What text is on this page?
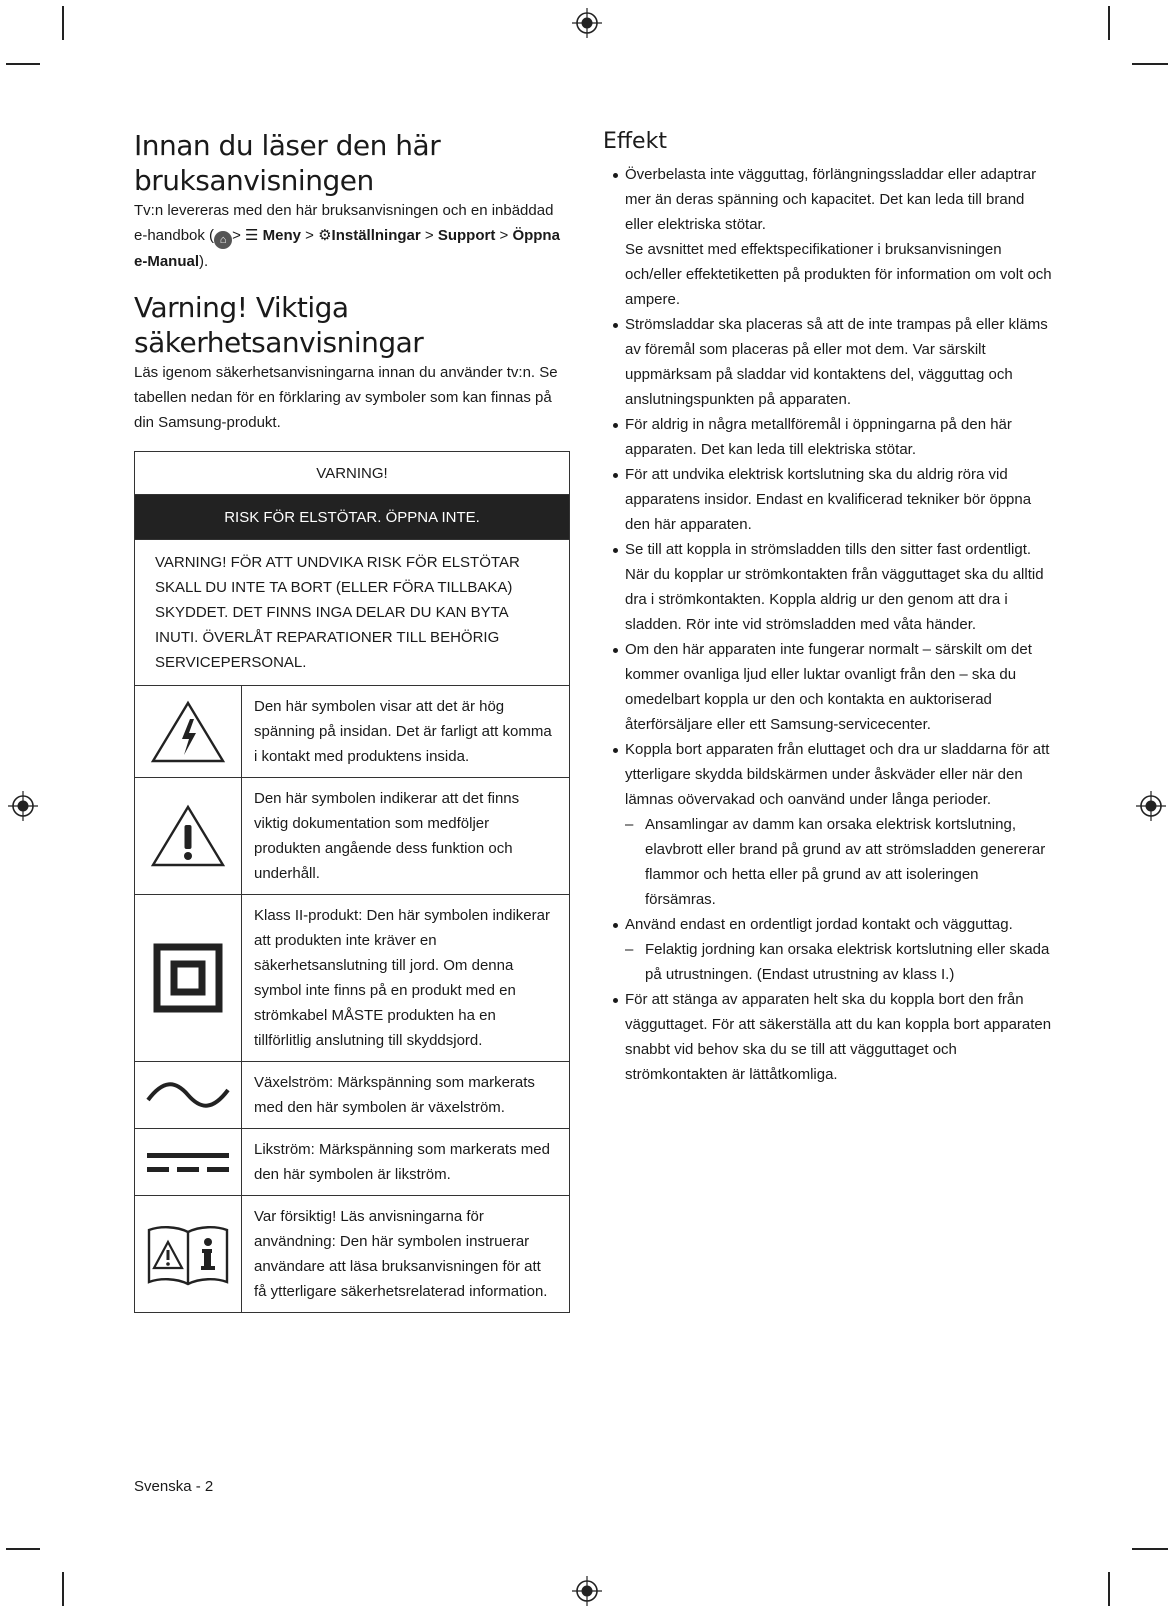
Innan du läser den här bruksanvisningen

Tv:n levereras med den här bruksanvisningen och en inbäddad e-handbok ( ⌂ > ☰ Meny > ⚙Inställningar > Support > Öppna e-Manual).

Varning! Viktiga säkerhetsanvisningar

Läs igenom säkerhetsanvisningarna innan du använder tv:n. Se tabellen nedan för en förklaring av symboler som kan finnas på din Samsung-produkt.

VARNING!	
RISK FÖR ELSTÖTAR. ÖPPNA INTE.	
VARNING! FÖR ATT UNDVIKA RISK FÖR ELSTÖTAR SKALL DU INTE TA BORT (ELLER FÖRA TILLBAKA) SKYDDET. DET FINNS INGA DELAR DU KAN BYTA INUTI. ÖVERLÅT REPARATIONER TILL BEHÖRIG SERVICEPERSONAL.	

	Den här symbolen visar att det är hög spänning på insidan. Det är farligt att komma i kontakt med produktens insida.

	Den här symbolen indikerar att det finns viktig dokumentation som medföljer produkten angående dess funktion och underhåll.

	Klass II-produkt: Den här symbolen indikerar att produkten inte kräver en säkerhetsanslutning till jord. Om denna symbol inte finns på en produkt med en strömkabel MÅSTE produkten ha en tillförlitlig anslutning till skyddsjord.

	Växelström: Märkspänning som markerats med den här symbolen är växelström.

	Likström: Märkspänning som markerats med den här symbolen är likström.

	Var försiktig! Läs anvisningarna för användning: Den här symbolen instruerar användare att läsa bruksanvisningen för att få ytterligare säkerhetsrelaterad information.
Effekt
Överbelasta inte vägguttag, förlängningssladdar eller adaptrar mer än deras spänning och kapacitet. Det kan leda till brand eller elektriska stötar.
Se avsnittet med effektspecifikationer i bruksanvisningen och/eller effektetiketten på produkten för information om volt och ampere.
Strömsladdar ska placeras så att de inte trampas på eller kläms av föremål som placeras på eller mot dem. Var särskilt uppmärksam på sladdar vid kontaktens del, vägguttag och anslutningspunkten på apparaten.
För aldrig in några metallföremål i öppningarna på den här apparaten. Det kan leda till elektriska stötar.
För att undvika elektrisk kortslutning ska du aldrig röra vid apparatens insidor. Endast en kvalificerad tekniker bör öppna den här apparaten.
Se till att koppla in strömsladden tills den sitter fast ordentligt. När du kopplar ur strömkontakten från vägguttaget ska du alltid dra i strömkontakten. Koppla aldrig ur den genom att dra i sladden. Rör inte vid strömsladden med våta händer.
Om den här apparaten inte fungerar normalt – särskilt om det kommer ovanliga ljud eller luktar ovanligt från den – ska du omedelbart koppla ur den och kontakta en auktoriserad återförsäljare eller ett Samsung-servicecenter.
Koppla bort apparaten från eluttaget och dra ur sladdarna för att ytterligare skydda bildskärmen under åskväder eller när den lämnas oövervakad och oanvänd under långa perioder.
– Ansamlingar av damm kan orsaka elektrisk kortslutning, elavbrott eller brand på grund av att strömsladden genererar flammor och hetta eller på grund av att isoleringen försämras.
Använd endast en ordentligt jordad kontakt och vägguttag.
– Felaktig jordning kan orsaka elektrisk kortslutning eller skada på utrustningen. (Endast utrustning av klass I.)
För att stänga av apparaten helt ska du koppla bort den från vägguttaget. För att säkerställa att du kan koppla bort apparaten snabbt vid behov ska du se till att vägguttaget och strömkontakten är lättåtkomliga.
Svenska - 2
